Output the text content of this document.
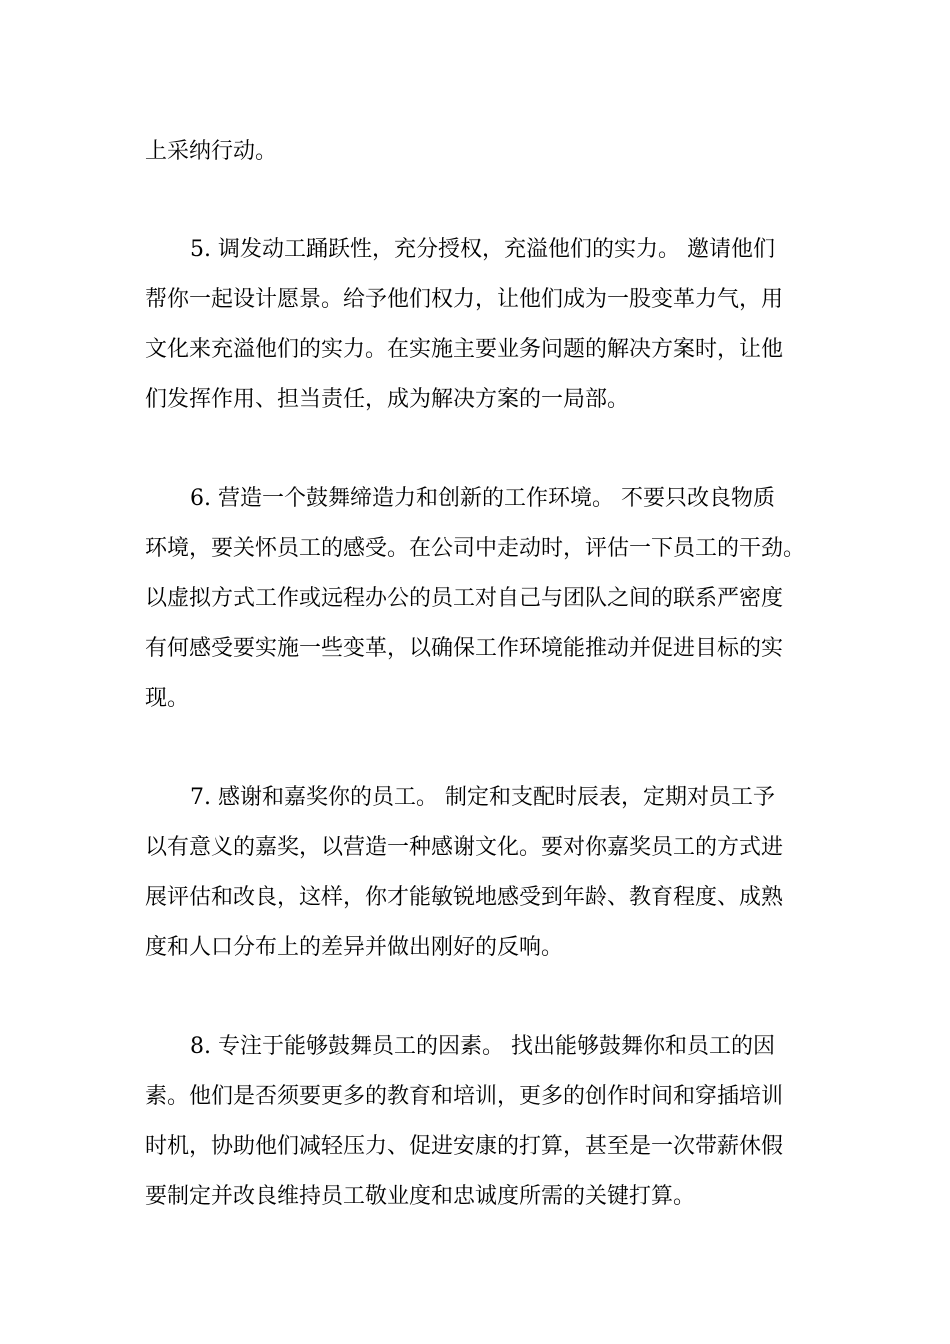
上采纳行动。
5. 调发动工踊跃性，充分授权，充溢他们的实力。 邀请他们
帮你一起设计愿景。给予他们权力，让他们成为一股变革力气，用
文化来充溢他们的实力。在实施主要业务问题的解决方案时，让他
们发挥作用、担当责任，成为解决方案的一局部。
6. 营造一个鼓舞缔造力和创新的工作环境。 不要只改良物质
环境，要关怀员工的感受。在公司中走动时，评估一下员工的干劲。
以虚拟方式工作或远程办公的员工对自己与团队之间的联系严密度
有何感受要实施一些变革，以确保工作环境能推动并促进目标的实
现。
7. 感谢和嘉奖你的员工。 制定和支配时辰表，定期对员工予
以有意义的嘉奖，以营造一种感谢文化。要对你嘉奖员工的方式进
展评估和改良，这样，你才能敏锐地感受到年龄、教育程度、成熟
度和人口分布上的差异并做出刚好的反响。
8. 专注于能够鼓舞员工的因素。 找出能够鼓舞你和员工的因
素。他们是否须要更多的教育和培训，更多的创作时间和穿插培训
时机，协助他们减轻压力、促进安康的打算，甚至是一次带薪休假
要制定并改良维持员工敬业度和忠诚度所需的关键打算。
